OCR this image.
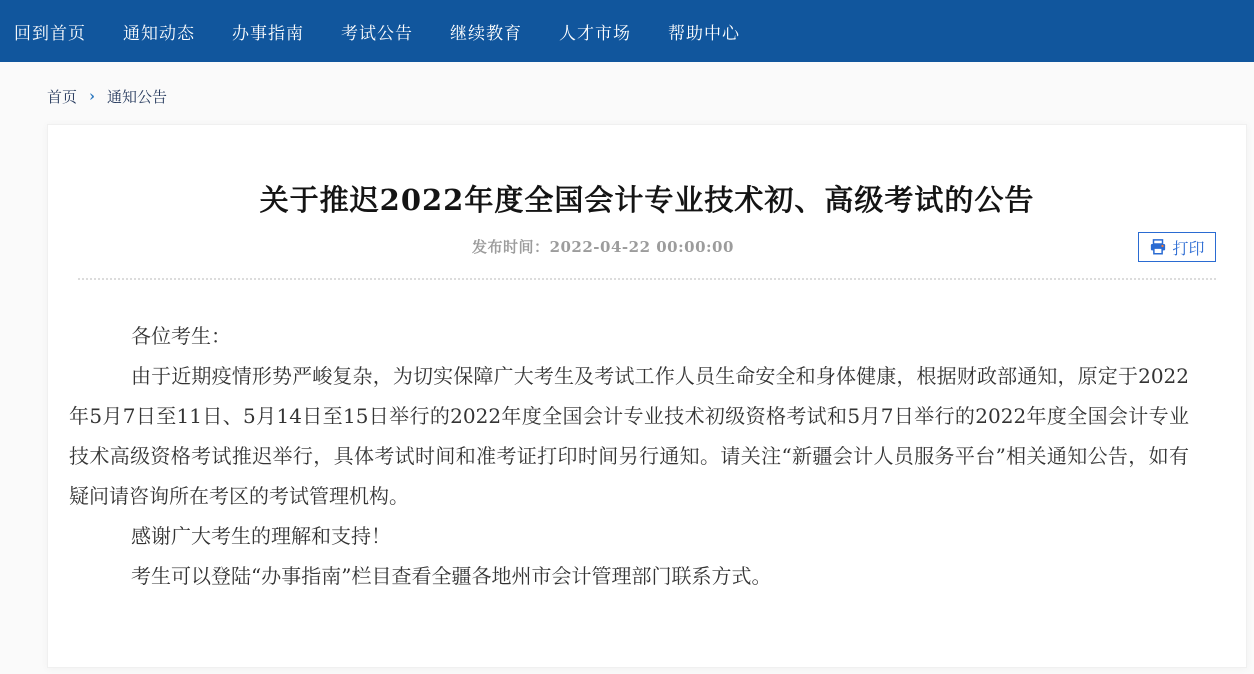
回到首页 通知动态 办事指南 考试公告 继续教育 人才市场 帮助中心
首页 › 通知公告
关于推迟2022年度全国会计专业技术初、高级考试的公告
发布时间：2022-04-22 00:00:00	打印

各位考生：

由于近期疫情形势严峻复杂，为切实保障广大考生及考试工作人员生命安全和身体健康，根据财政部通知，原定于2022年5月7日至11日、5月14日至15日举行的2022年度全国会计专业技术初级资格考试和5月7日举行的2022年度全国会计专业技术高级资格考试推迟举行，具体考试时间和准考证打印时间另行通知。请关注“新疆会计人员服务平台”相关通知公告，如有疑问请咨询所在考区的考试管理机构。

感谢广大考生的理解和支持！

考生可以登陆“办事指南”栏目查看全疆各地州市会计管理部门联系方式。
